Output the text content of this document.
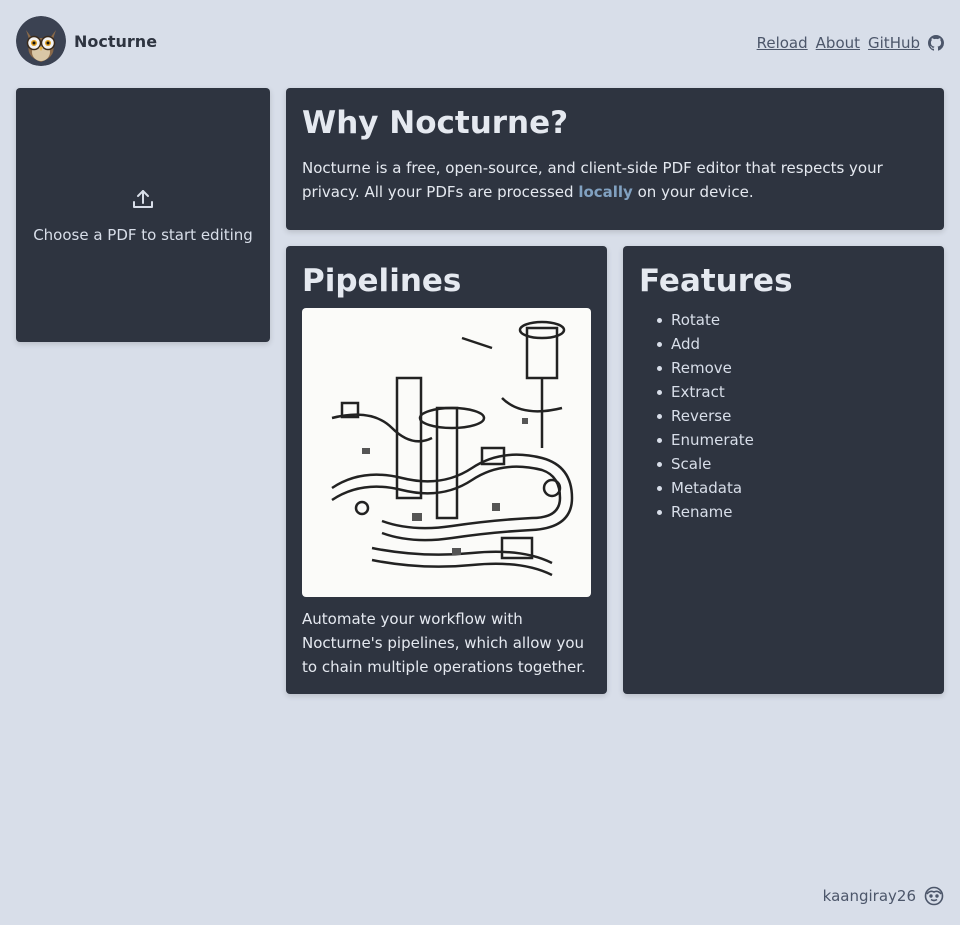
Nocturne	Reload About GitHub
Choose a PDF to start editing
Why Nocturne?

Nocturne is a free, open-source, and client-side PDF editor that respects your privacy. All your PDFs are processed locally on your device.

Pipelines

Automate your workflow with Nocturne's pipelines, which allow you to chain multiple operations together.

Features
Rotate
Add
Remove
Extract
Reverse
Enumerate
Scale
Metadata
Rename
kaangiray26
